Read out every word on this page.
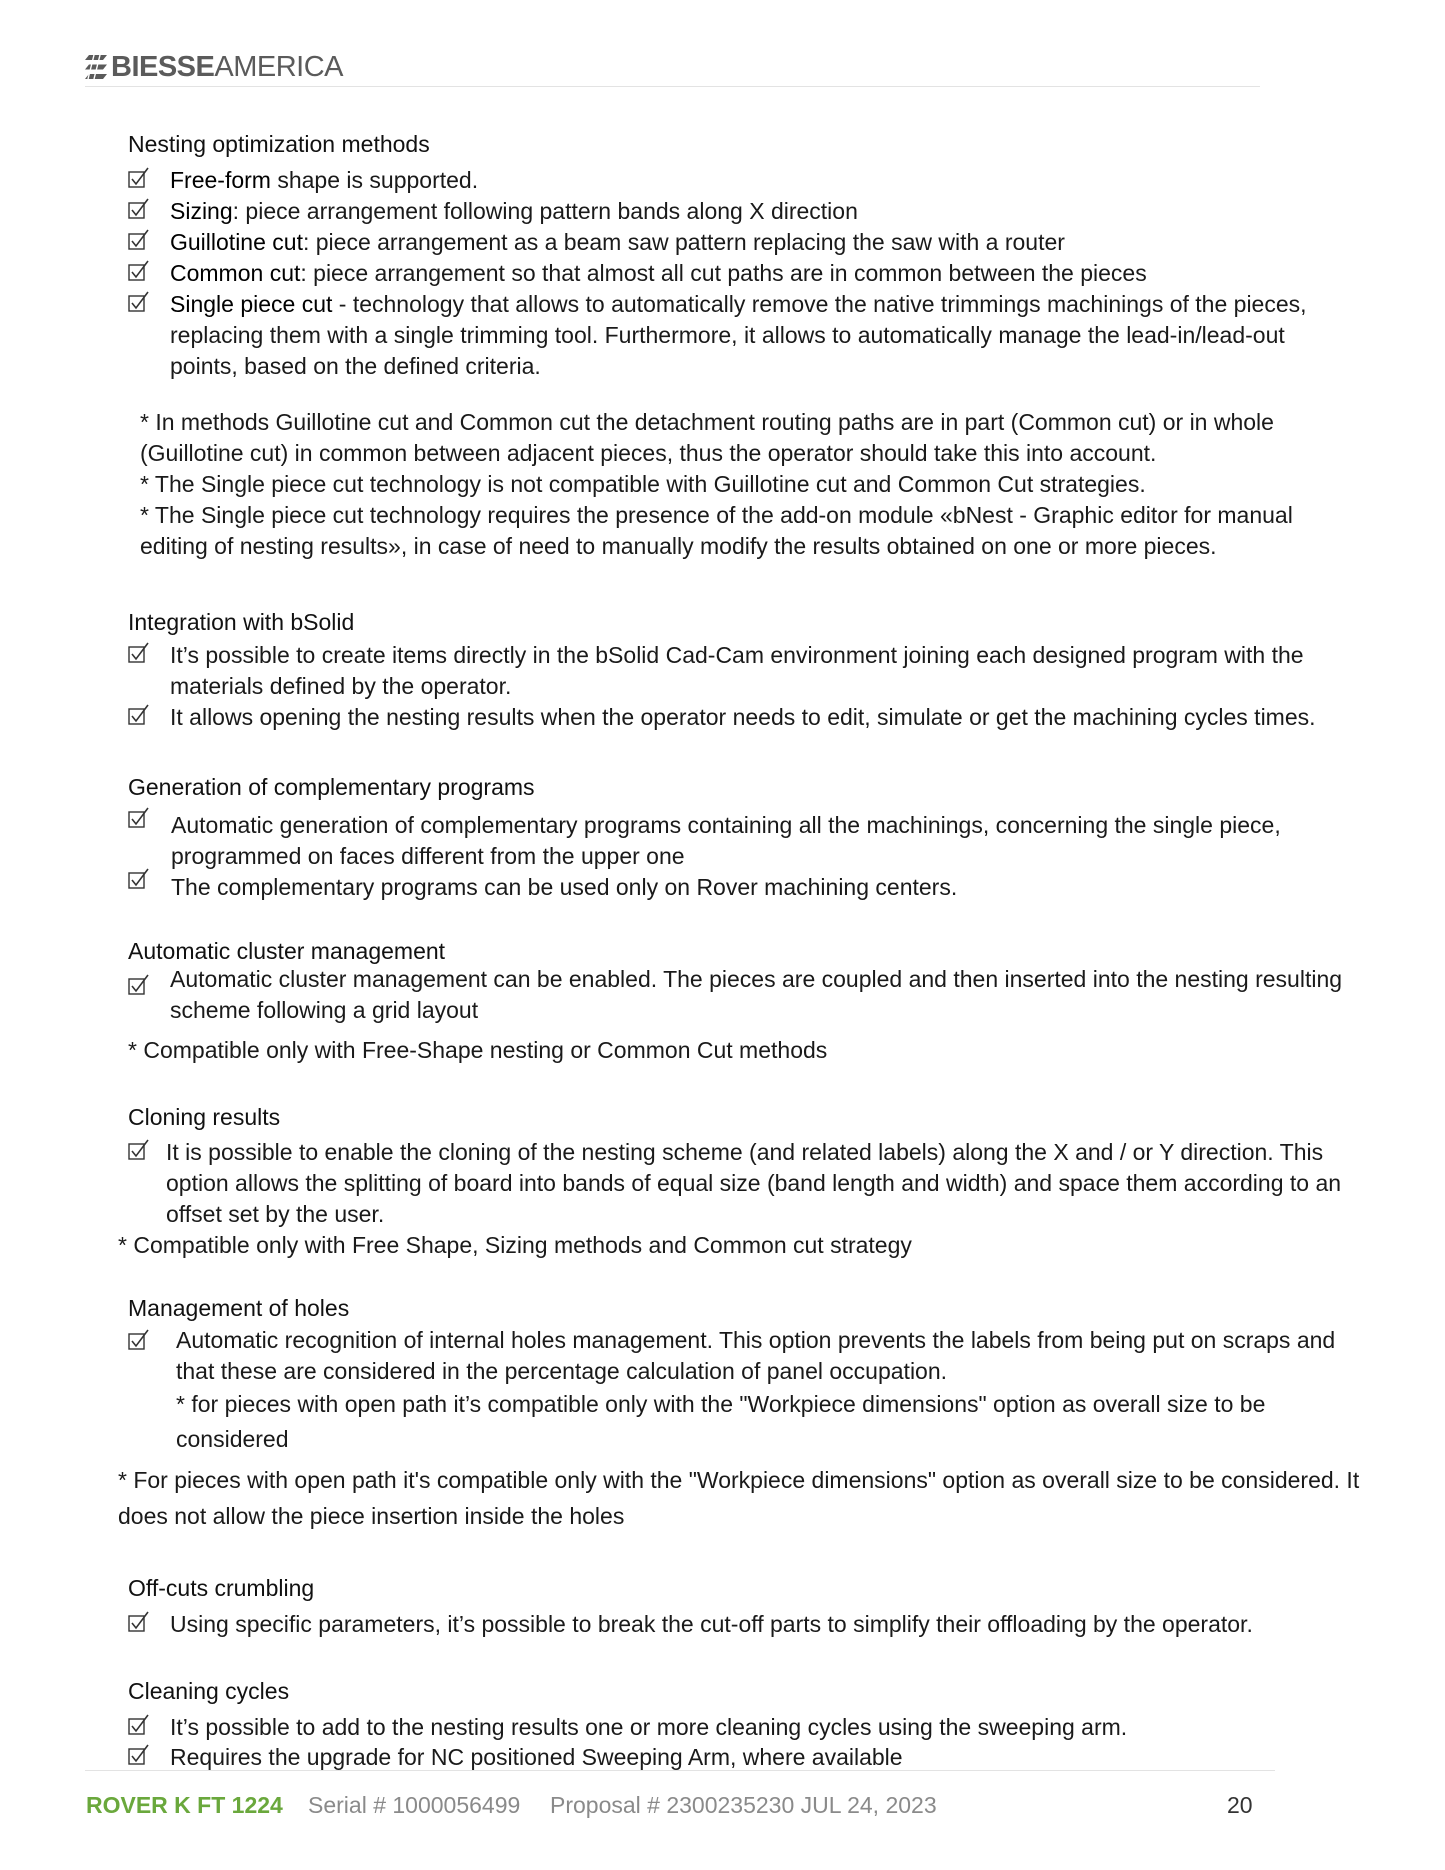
BIESSEAMERICA
Nesting optimization methods
Free-form shape is supported.
Sizing: piece arrangement following pattern bands along X direction
Guillotine cut: piece arrangement as a beam saw pattern replacing the saw with a router
Common cut: piece arrangement so that almost all cut paths are in common between the pieces
Single piece cut - technology that allows to automatically remove the native trimmings machinings of the pieces, replacing them with a single trimming tool. Furthermore, it allows to automatically manage the lead-in/lead-out points, based on the defined criteria.
* In methods Guillotine cut and Common cut the detachment routing paths are in part (Common cut) or in whole (Guillotine cut) in common between adjacent pieces, thus the operator should take this into account.
* The Single piece cut technology is not compatible with Guillotine cut and Common Cut strategies.
* The Single piece cut technology requires the presence of the add-on module «bNest - Graphic editor for manual editing of nesting results», in case of need to manually modify the results obtained on one or more pieces.
Integration with bSolid
It’s possible to create items directly in the bSolid Cad-Cam environment joining each designed program with the materials defined by the operator.
It allows opening the nesting results when the operator needs to edit, simulate or get the machining cycles times.
Generation of complementary programs
Automatic generation of complementary programs containing all the machinings, concerning the single piece, programmed on faces different from the upper one
The complementary programs can be used only on Rover machining centers.
Automatic cluster management
Automatic cluster management can be enabled. The pieces are coupled and then inserted into the nesting resulting scheme following a grid layout
* Compatible only with Free-Shape nesting or Common Cut methods
Cloning results
It is possible to enable the cloning of the nesting scheme (and related labels) along the X and / or Y direction. This option allows the splitting of board into bands of equal size (band length and width) and space them according to an offset set by the user.
* Compatible only with Free Shape, Sizing methods and Common cut strategy
Management of holes
Automatic recognition of internal holes management. This option prevents the labels from being put on scraps and that these are considered in the percentage calculation of panel occupation.
* for pieces with open path it’s compatible only with the "Workpiece dimensions" option as overall size to be considered
* For pieces with open path it's compatible only with the "Workpiece dimensions" option as overall size to be considered. It does not allow the piece insertion inside the holes
Off-cuts crumbling
Using specific parameters, it’s possible to break the cut-off parts to simplify their offloading by the operator.
Cleaning cycles
It’s possible to add to the nesting results one or more cleaning cycles using the sweeping arm.
Requires the upgrade for NC positioned Sweeping Arm, where available
ROVER K FT 1224 Serial # 1000056499 Proposal # 2300235230 JUL 24, 2023	20
